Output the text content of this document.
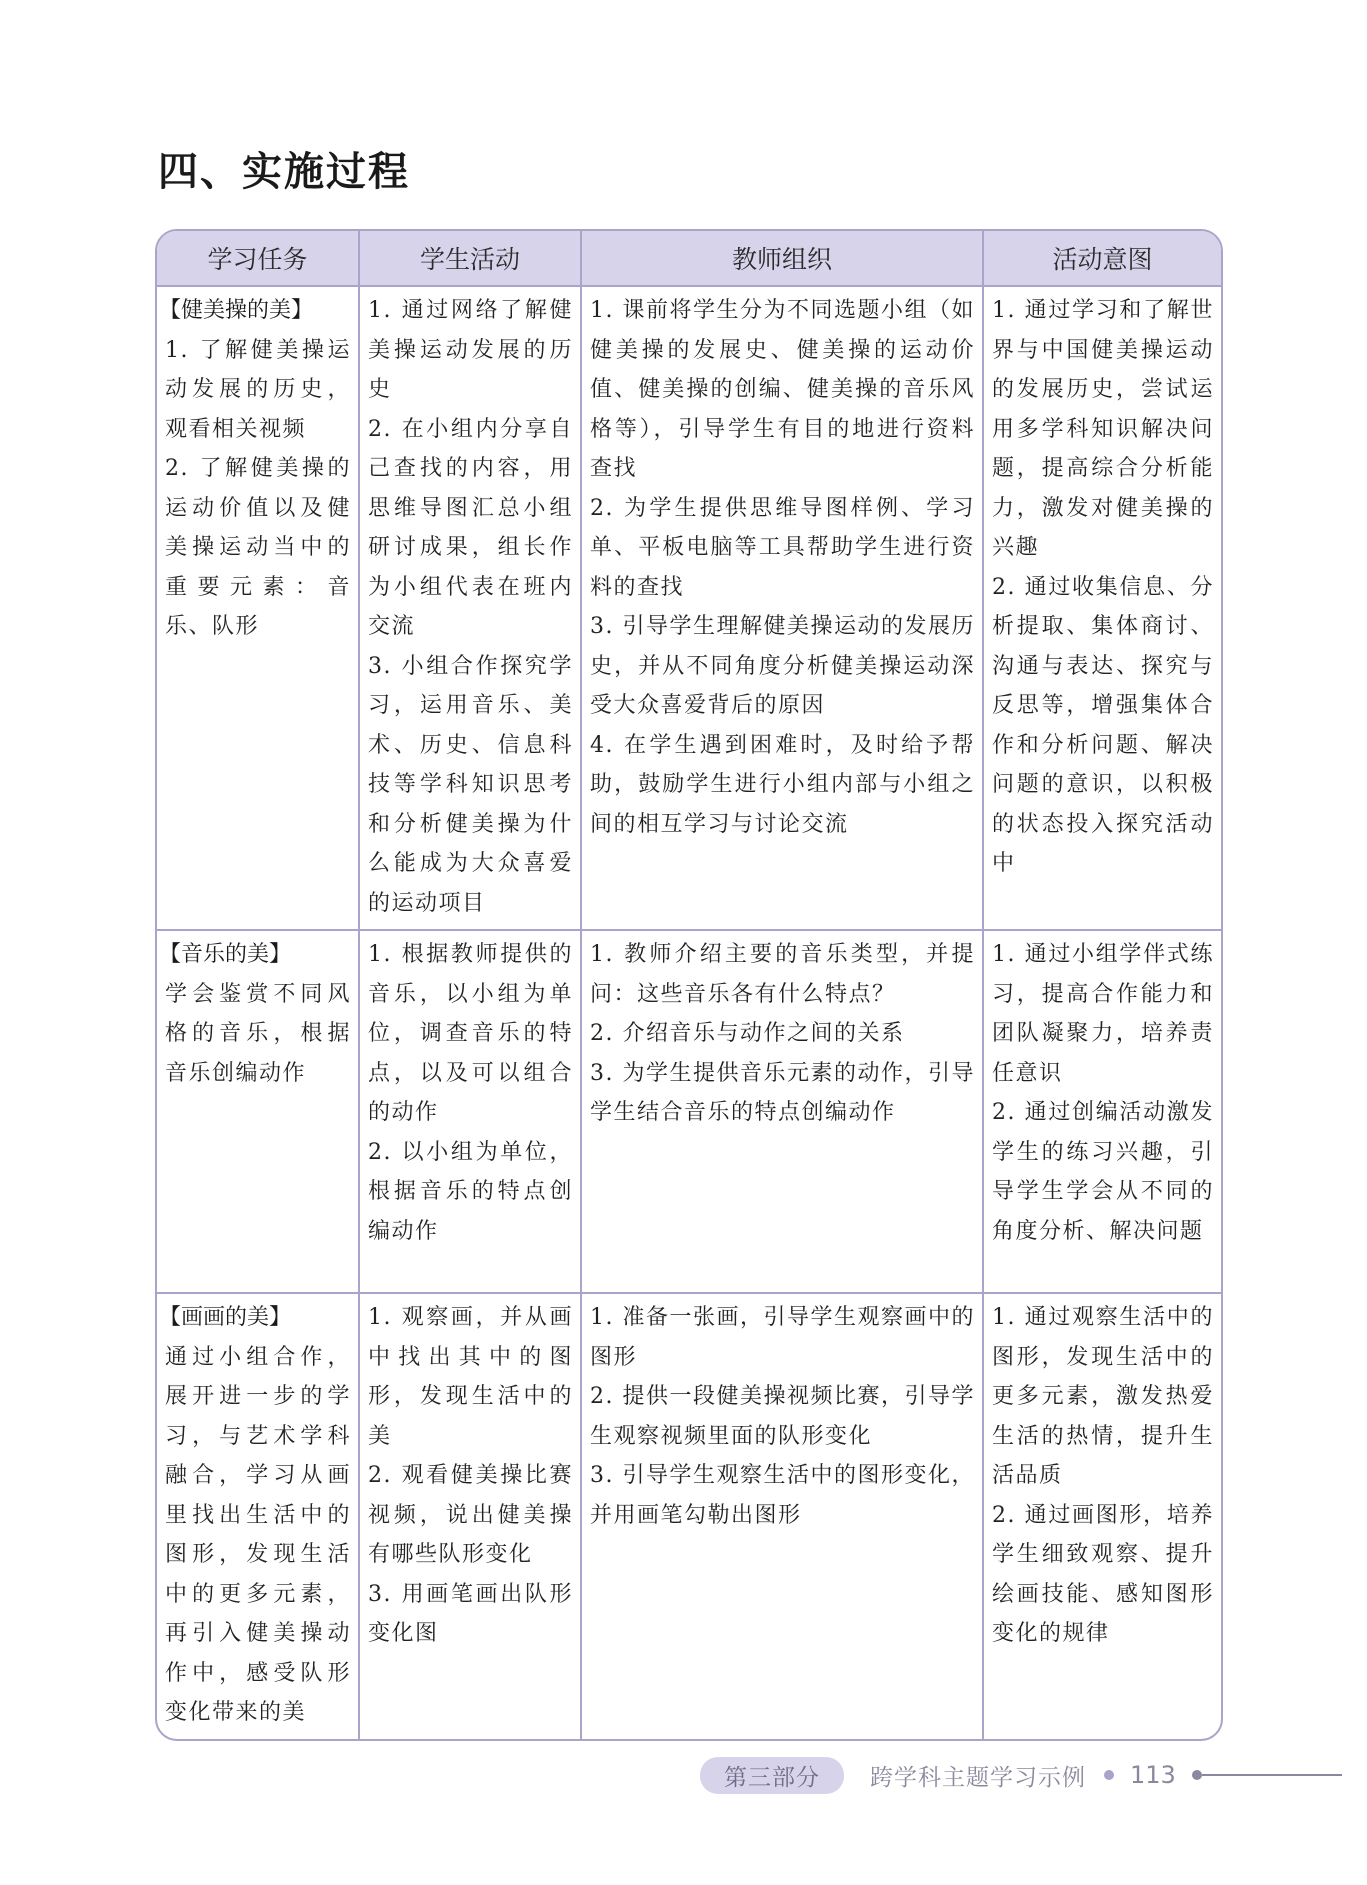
四、实施过程
学习任务	学生活动	教师组织	活动意图

【健美操的美】
1. 了解健美操运动发展的历史，观看相关视频
2. 了解健美操的运动价值以及健美操运动当中的重要元素：音乐、队形	1. 通过网络了解健美操运动发展的历史
2. 在小组内分享自己查找的内容，用思维导图汇总小组研讨成果，组长作为小组代表在班内交流
3. 小组合作探究学习，运用音乐、美术、历史、信息科技等学科知识思考和分析健美操为什么能成为大众喜爱的运动项目	1. 课前将学生分为不同选题小组（如健美操的发展史、健美操的运动价值、健美操的创编、健美操的音乐风格等），引导学生有目的地进行资料查找
2. 为学生提供思维导图样例、学习单、平板电脑等工具帮助学生进行资料的查找
3. 引导学生理解健美操运动的发展历史，并从不同角度分析健美操运动深受大众喜爱背后的原因
4. 在学生遇到困难时，及时给予帮助，鼓励学生进行小组内部与小组之间的相互学习与讨论交流	1. 通过学习和了解世界与中国健美操运动的发展历史，尝试运用多学科知识解决问题，提高综合分析能力，激发对健美操的兴趣
2. 通过收集信息、分析提取、集体商讨、沟通与表达、探究与反思等，增强集体合作和分析问题、解决问题的意识，以积极的状态投入探究活动中

【音乐的美】
学会鉴赏不同风格的音乐，根据音乐创编动作	1. 根据教师提供的音乐，以小组为单位，调查音乐的特点，以及可以组合的动作
2. 以小组为单位，根据音乐的特点创编动作	1. 教师介绍主要的音乐类型，并提问：这些音乐各有什么特点？
2. 介绍音乐与动作之间的关系
3. 为学生提供音乐元素的动作，引导学生结合音乐的特点创编动作	1. 通过小组学伴式练习，提高合作能力和团队凝聚力，培养责任意识
2. 通过创编活动激发学生的练习兴趣，引导学生学会从不同的角度分析、解决问题

【画画的美】
通过小组合作，展开进一步的学习，与艺术学科融合，学习从画里找出生活中的图形，发现生活中的更多元素，再引入健美操动作中，感受队形变化带来的美	1. 观察画，并从画中找出其中的图形，发现生活中的美
2. 观看健美操比赛视频，说出健美操有哪些队形变化
3. 用画笔画出队形变化图	1. 准备一张画，引导学生观察画中的图形
2. 提供一段健美操视频比赛，引导学生观察视频里面的队形变化
3. 引导学生观察生活中的图形变化，并用画笔勾勒出图形	1. 通过观察生活中的图形，发现生活中的更多元素，激发热爱生活的热情，提升生活品质
2. 通过画图形，培养学生细致观察、提升绘画技能、感知图形变化的规律
第三部分	跨学科主题学习示例 113
